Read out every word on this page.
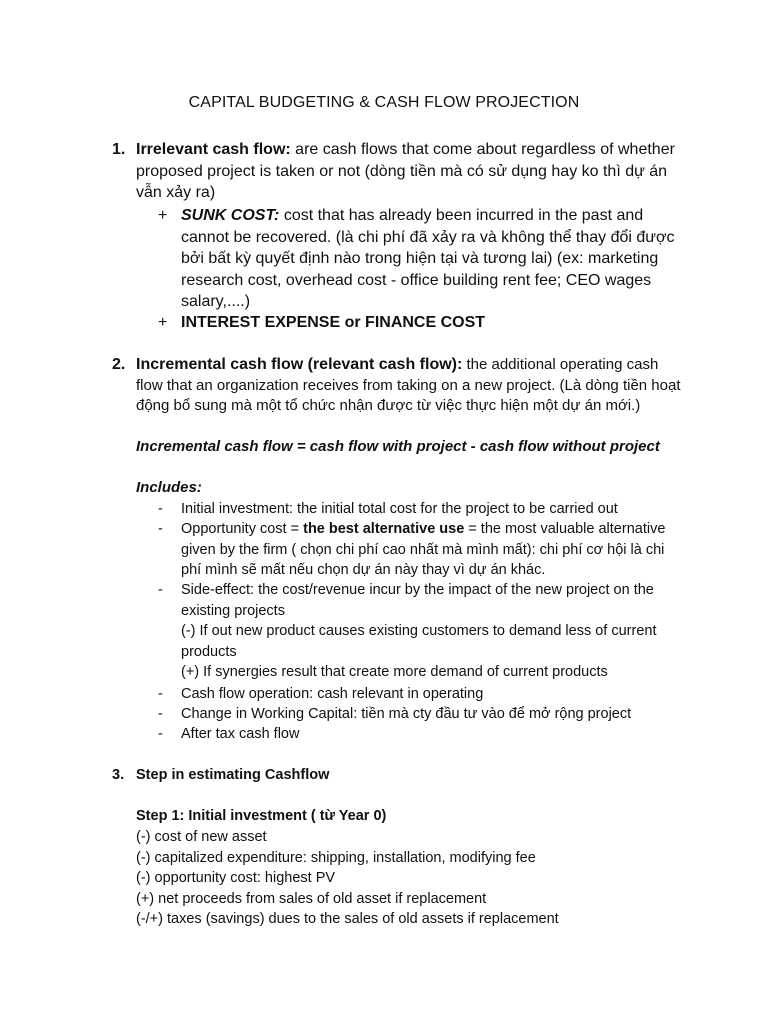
CAPITAL BUDGETING & CASH FLOW PROJECTION
1. Irrelevant cash flow: are cash flows that come about regardless of whether proposed project is taken or not (dòng tiền mà có sử dụng hay ko thì dự án vẫn xảy ra)
+ SUNK COST: cost that has already been incurred in the past and cannot be recovered. (là chi phí đã xảy ra và không thể thay đổi được bởi bất kỳ quyết định nào trong hiện tại và tương lai) (ex: marketing research cost, overhead cost - office building rent fee; CEO wages salary,....)
+ INTEREST EXPENSE or FINANCE COST
2. Incremental cash flow (relevant cash flow): the additional operating cash flow that an organization receives from taking on a new project. (Là dòng tiền hoạt động bổ sung mà một tổ chức nhận được từ việc thực hiện một dự án mới.)
Incremental cash flow = cash flow with project - cash flow without project
Includes:
- Initial investment: the initial total cost for the project to be carried out
- Opportunity cost = the best alternative use = the most valuable alternative given by the firm ( chọn chi phí cao nhất mà mình mất): chi phí cơ hội là chi phí mình sẽ mất nếu chọn dự án này thay vì dự án khác.
- Side-effect: the cost/revenue incur by the impact of the new project on the existing projects
(-) If out new product causes existing customers to demand less of current products
(+) If synergies result that create more demand of current products
- Cash flow operation: cash relevant in operating
- Change in Working Capital: tiền mà cty đầu tư vào để mở rộng project
- After tax cash flow
3. Step in estimating Cashflow
Step 1: Initial investment ( từ Year 0)
(-) cost of new asset
(-) capitalized expenditure: shipping, installation, modifying fee
(-) opportunity cost: highest PV
(+) net proceeds from sales of old asset if replacement
(-/+) taxes (savings) dues to the sales of old assets if replacement
